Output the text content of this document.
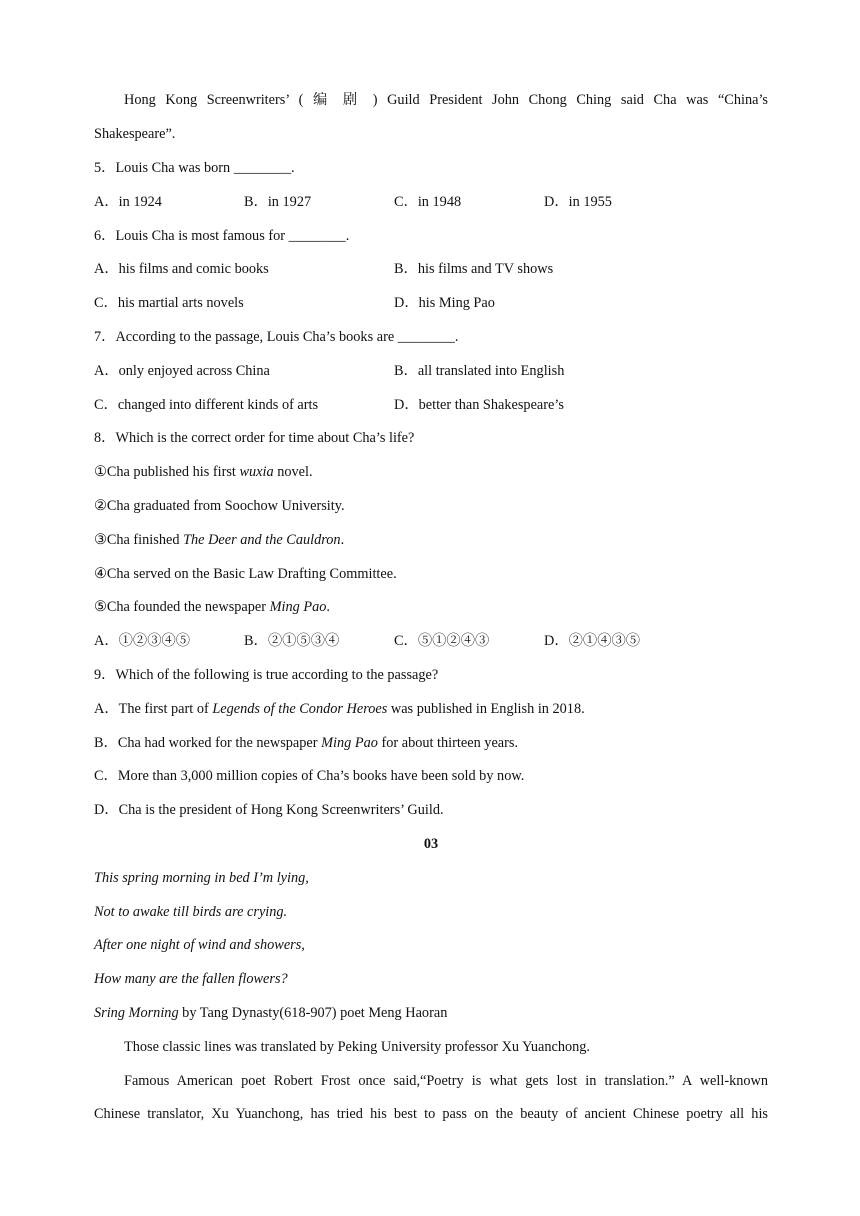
Hong Kong Screenwriters’ ( 编 剧 ) Guild President John Chong Ching said Cha was “China’s
Shakespeare”.
5．Louis Cha was born ________.
A．in 1924	B．in 1927	C．in 1948	D．in 1955
6．Louis Cha is most famous for ________.
A．his films and comic books	B．his films and TV shows
C．his martial arts novels	D．his Ming Pao
7．According to the passage, Louis Cha’s books are ________.
A．only enjoyed across China	B．all translated into English
C．changed into different kinds of arts	D．better than Shakespeare’s
8．Which is the correct order for time about Cha’s life?
①Cha published his first wuxia novel.
②Cha graduated from Soochow University.
③Cha finished The Deer and the Cauldron.
④Cha served on the Basic Law Drafting Committee.
⑤Cha founded the newspaper Ming Pao.
A．①②③④⑤	B．②①⑤③④	C．⑤①②④③	D．②①④③⑤
9．Which of the following is true according to the passage?
A．The first part of Legends of the Condor Heroes was published in English in 2018.
B．Cha had worked for the newspaper Ming Pao for about thirteen years.
C．More than 3,000 million copies of Cha’s books have been sold by now.
D．Cha is the president of Hong Kong Screenwriters’ Guild.
03
This spring morning in bed I’m lying,
Not to awake till birds are crying.
After one night of wind and showers,
How many are the fallen flowers?
Sring Morning by Tang Dynasty(618-907) poet Meng Haoran
Those classic lines was translated by Peking University professor Xu Yuanchong.
Famous American poet Robert Frost once said,“Poetry is what gets lost in translation.” A well-known
Chinese translator, Xu Yuanchong, has tried his best to pass on the beauty of ancient Chinese poetry all his
